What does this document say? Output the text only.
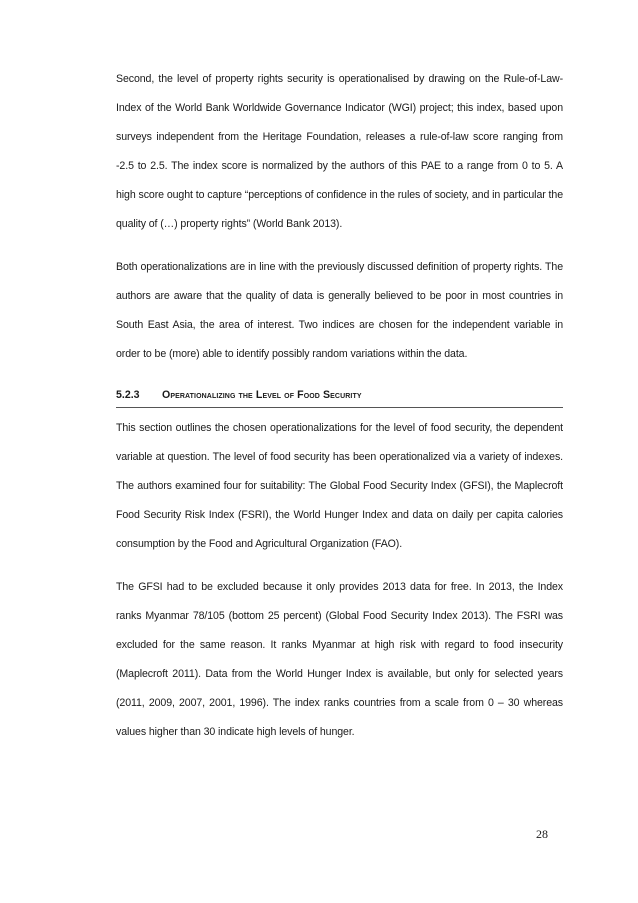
Second, the level of property rights security is operationalised by drawing on the Rule-of-Law-Index of the World Bank Worldwide Governance Indicator (WGI) project; this index, based upon surveys independent from the Heritage Foundation, releases a rule-of-law score ranging from -2.5 to 2.5. The index score is normalized by the authors of this PAE to a range from 0 to 5. A high score ought to capture “perceptions of confidence in the rules of society, and in particular the quality of (…) property rights” (World Bank 2013).

Both operationalizations are in line with the previously discussed definition of property rights. The authors are aware that the quality of data is generally believed to be poor in most countries in South East Asia, the area of interest. Two indices are chosen for the independent variable in order to be (more) able to identify possibly random variations within the data.

5.2.3	Operationalizing the Level of Food Security

This section outlines the chosen operationalizations for the level of food security, the dependent variable at question. The level of food security has been operationalized via a variety of indexes. The authors examined four for suitability: The Global Food Security Index (GFSI), the Maplecroft Food Security Risk Index (FSRI), the World Hunger Index and data on daily per capita calories consumption by the Food and Agricultural Organization (FAO).

The GFSI had to be excluded because it only provides 2013 data for free. In 2013, the Index ranks Myanmar 78/105 (bottom 25 percent) (Global Food Security Index 2013). The FSRI was excluded for the same reason. It ranks Myanmar at high risk with regard to food insecurity (Maplecroft 2011). Data from the World Hunger Index is available, but only for selected years (2011, 2009, 2007, 2001, 1996). The index ranks countries from a scale from 0 – 30 whereas values higher than 30 indicate high levels of hunger.

28
